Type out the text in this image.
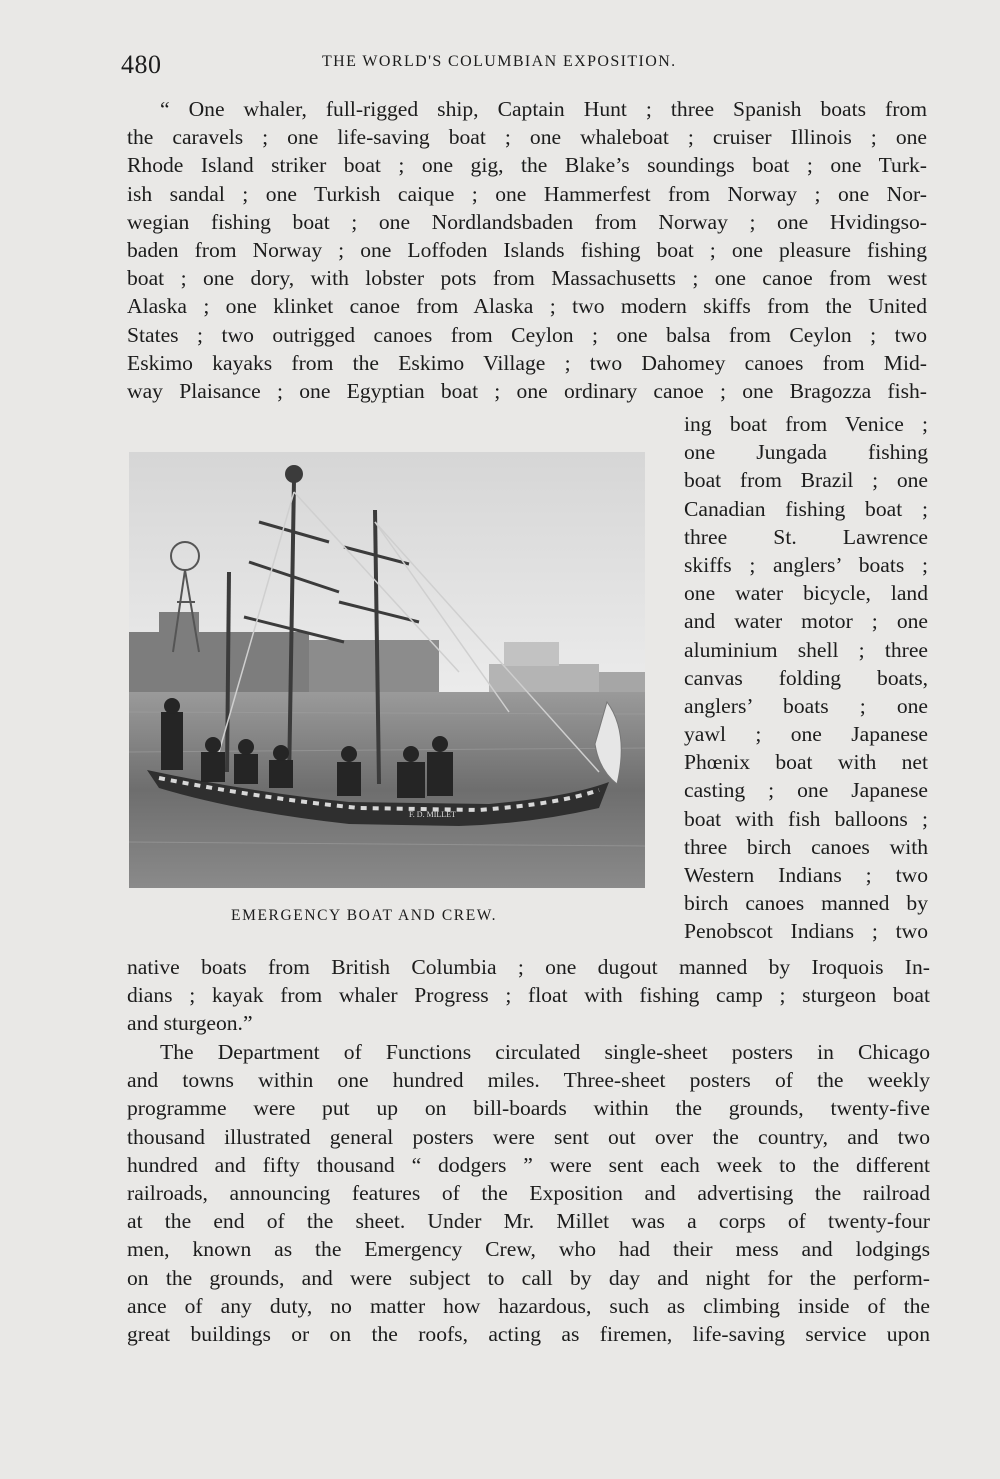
480	THE WORLD'S COLUMBIAN EXPOSITION.
“ One whaler, full-rigged ship, Captain Hunt ; three Spanish boats from
the caravels ; one life-saving boat ; one whaleboat ; cruiser Illinois ; one
Rhode Island striker boat ; one gig, the Blake’s soundings boat ; one Turk-
ish sandal ; one Turkish caique ; one Hammerfest from Norway ; one Nor-
wegian fishing boat ; one Nordlandsbaden from Norway ; one Hvidingso-
baden from Norway ; one Loffoden Islands fishing boat ; one pleasure fishing
boat ; one dory, with lobster pots from Massachusetts ; one canoe from west
Alaska ; one klinket canoe from Alaska ; two modern skiffs from the United
States ; two outrigged canoes from Ceylon ; one balsa from Ceylon ; two
Eskimo kayaks from the Eskimo Village ; two Dahomey canoes from Mid-
way Plaisance ; one Egyptian boat ; one ordinary canoe ; one Bragozza fish-
ing boat from Venice ;
one Jungada fishing
boat from Brazil ; one
Canadian fishing boat ;
three St. Lawrence
skiffs ; anglers’ boats ;
one water bicycle, land
and water motor ; one
aluminium shell ; three
canvas folding boats,
anglers’ boats ; one
yawl ; one Japanese
Phœnix boat with net
casting ; one Japanese
boat with fish balloons ;
three birch canoes with
Western Indians ; two
birch canoes manned by
Penobscot Indians ; two
F. D. MILLET
EMERGENCY BOAT AND CREW.
native boats from British Columbia ; one dugout manned by Iroquois In-
dians ; kayak from whaler Progress ; float with fishing camp ; sturgeon boat
and sturgeon.”
The Department of Functions circulated single-sheet posters in Chicago
and towns within one hundred miles. Three-sheet posters of the weekly
programme were put up on bill-boards within the grounds, twenty-five
thousand illustrated general posters were sent out over the country, and two
hundred and fifty thousand “ dodgers ” were sent each week to the different
railroads, announcing features of the Exposition and advertising the railroad
at the end of the sheet. Under Mr. Millet was a corps of twenty-four
men, known as the Emergency Crew, who had their mess and lodgings
on the grounds, and were subject to call by day and night for the perform-
ance of any duty, no matter how hazardous, such as climbing inside of the
great buildings or on the roofs, acting as firemen, life-saving service upon
